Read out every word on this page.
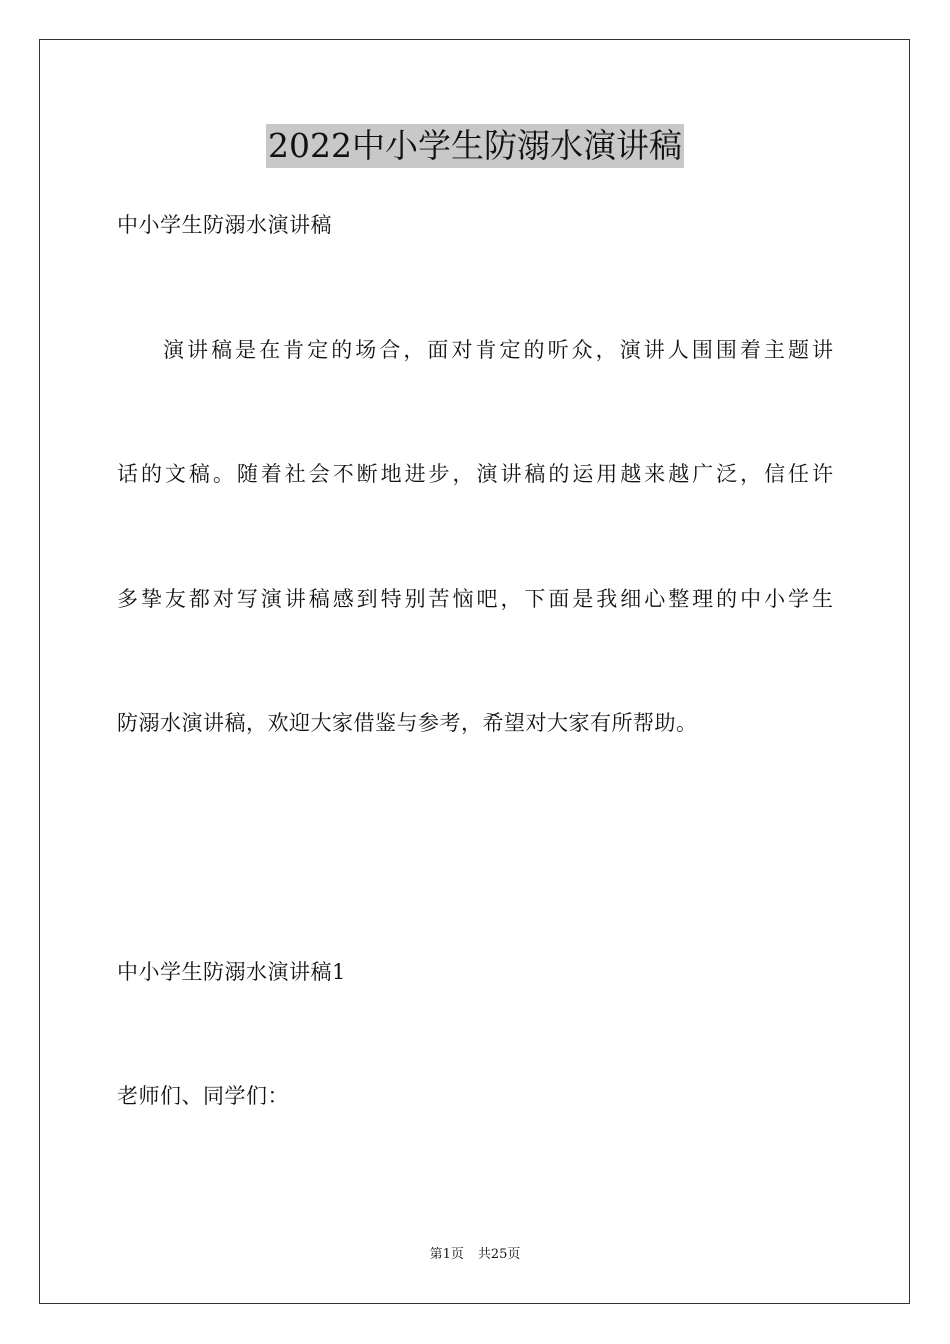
2022中小学生防溺水演讲稿
中小学生防溺水演讲稿
演讲稿是在肯定的场合，面对肯定的听众，演讲人围围着主题讲
话的文稿。随着社会不断地进步，演讲稿的运用越来越广泛，信任许
多挚友都对写演讲稿感到特别苦恼吧，下面是我细心整理的中小学生
防溺水演讲稿，欢迎大家借鉴与参考，希望对大家有所帮助。
中小学生防溺水演讲稿1
老师们、同学们：
第1页 共25页
